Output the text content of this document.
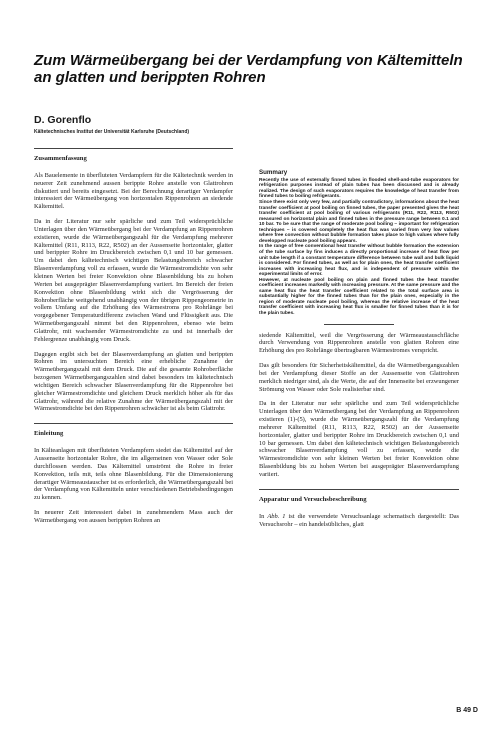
Zum Wärmeübergang bei der Verdampfung von Kältemitteln an glatten und berippten Rohren
D. Gorenflo
Kältetechnisches Institut der Universität Karlsruhe (Deutschland)
Zusammenfassung

Als Bauelemente in überfluteten Verdampfern für die Kältetechnik werden in neuerer Zeit zunehmend aussen berippte Rohre anstelle von Glattrohren diskutiert und bereits eingesetzt. Bei der Berechnung derartiger Verdampfer interessiert der Wärmeübergang von horizontalen Rippenrohren an siedende Kältemittel.

Da in der Literatur nur sehr spärliche und zum Teil widersprüchliche Unterlagen über den Wärmeübergang bei der Verdampfung an Rippenrohren existieren, wurde die Wärmeübergangszahl für die Verdampfung mehrerer Kältemittel (R11, R113, R22, R502) an der Aussenseite horizontaler, glatter und berippter Rohre im Druckbereich zwischen 0,1 und 10 bar gemessen. Um dabei den kältetechnisch wichtigen Belastungsbereich schwacher Blasenverdampfung voll zu erfassen, wurde die Wärmestromdichte von sehr kleinen Werten bei freier Konvektion ohne Blasenbildung bis zu hohen Werten bei ausgeprägter Blasenverdampfung variiert. Im Bereich der freien Konvektion ohne Blasenbildung wirkt sich die Vergrösserung der Rohroberfläche weitgehend unabhängig von der übrigen Rippengeometrie in vollem Umfang auf die Erhöhung des Wärmestroms pro Rohrlänge bei vorgegebener Temperaturdifferenz zwischen Wand und Flüssigkeit aus. Die Wärmeübergangszahl nimmt bei den Rippenrohren, ebenso wie beim Glattrohr, mit wachsender Wärmestromdichte zu und ist innerhalb der Fehlergrenze unabhängig vom Druck.

Dagegen ergibt sich bei der Blasenverdampfung an glatten und berippten Rohren im untersuchten Bereich eine erhebliche Zunahme der Wärmeübergangszahl mit dem Druck. Die auf die gesamte Rohroberfläche bezogenen Wärmeübergangszahlen sind dabei besonders im kältetechnisch wichtigen Bereich schwacher Blasenverdampfung für die Rippenrohre bei gleicher Wärmestromdichte und gleichem Druck merklich höher als für das Glattrohr, während die relative Zunahme der Wärmeübergangszahl mit der Wärmestromdichte bei den Rippenrohren schwächer ist als beim Glattrohr.

Einleitung

In Kälteanlagen mit überfluteten Verdampfern siedet das Kältemittel auf der Aussenseite horizontaler Rohre, die im allgemeinen von Wasser oder Sole durchflossen werden. Das Kältemittel umströmt die Rohre in freier Konvektion, teils mit, teils ohne Blasenbildung. Für die Dimensionierung derartiger Wärmeaustauscher ist es erforderlich, die Wärmeübergangszahl bei der Verdampfung von Kältemitteln unter verschiedenen Betriebsbedingungen zu kennen.

In neuerer Zeit interessiert dabei in zunehmendem Mass auch der Wärmeübergang von aussen berippten Rohren an

Summary

Recently the use of externally finned tubes in flooded shell-and-tube evaporators for refrigeration purposes instead of plain tubes has been discussed and is already realized. The design of such evaporators requires the knowledge of heat transfer from finned tubes to boiling refrigerants.

Since there exist only very few, and partially contradictory, informations about the heat transfer coefficient at pool boiling on finned tubes, the paper presented gives the heat transfer coefficient at pool boiling of various refrigerants (R11, R22, R113, R502) measured on horizontal plain and finned tubes in the pressure range between 0.1 and 10 bar. To be sure that the range of moderate pool boiling – important for refrigeration techniques – is covered completely the heat flux was varied from very low values where free convection without bubble formation takes place to high values where fully developped nucleate pool boiling appears.

In the range of free conventional heat transfer without bubble formation the extension of the tube surface by fins induces a directly proportional increase of heat flow per unit tube length if a constant temperature difference between tube wall and bulk liquid is considered. For finned tubes, as well as for plain ones, the heat transfer coefficient increases with increasing heat flux, and is independent of pressure within the experimental limits of error.

However, at nucleate pool boiling on plain and finned tubes the heat transfer coefficient increases markedly with increasing pressure. At the same pressure and the same heat flux the heat transfer coefficient related to the total surface area is substantially higher for the finned tubes than for the plain ones, especially in the region of moderate nucleate pool boiling, whereas the relative increase of the heat transfer coefficient with increasing heat flux is smaller for finned tubes than it is for the plain tubes.

siedende Kältemittel, weil die Vergrösserung der Wärmeaustauschfläche durch Verwendung von Rippenrohren anstelle von glatten Rohren eine Erhöhung des pro Rohrlänge übertragbaren Wärmestromes verspricht.

Das gilt besonders für Sicherheitskältemittel, da die Wärmeübergangszahlen bei der Verdampfung dieser Stoffe an der Aussenseite von Glattrohren merklich niedriger sind, als die Werte, die auf der Innenseite bei erzwungener Strömung von Wasser oder Sole realisierbar sind.

Da in der Literatur nur sehr spärliche und zum Teil widersprüchliche Unterlagen über den Wärmeübergang bei der Verdampfung an Rippenrohren existieren (1)-(5), wurde die Wärmeübergangszahl für die Verdampfung mehrerer Kältemittel (R11, R113, R22, R502) an der Aussenseite horizontaler, glatter und berippter Rohre im Druckbereich zwischen 0,1 und 10 bar gemessen. Um dabei den kältetechnisch wichtigen Belastungsbereich schwacher Blasenverdampfung voll zu erfassen, wurde die Wärmestromdichte von sehr kleinen Werten bei freier Konvektion ohne Blasenbildung bis zu hohen Werten bei ausgeprägter Blasenverdampfung variiert.

Apparatur und Versuchsbeschreibung

In Abb. 1 ist die verwendete Versuchsanlage schematisch dargestellt: Das Versuchsrohr – ein handelsübliches, glatt

B 49 D
